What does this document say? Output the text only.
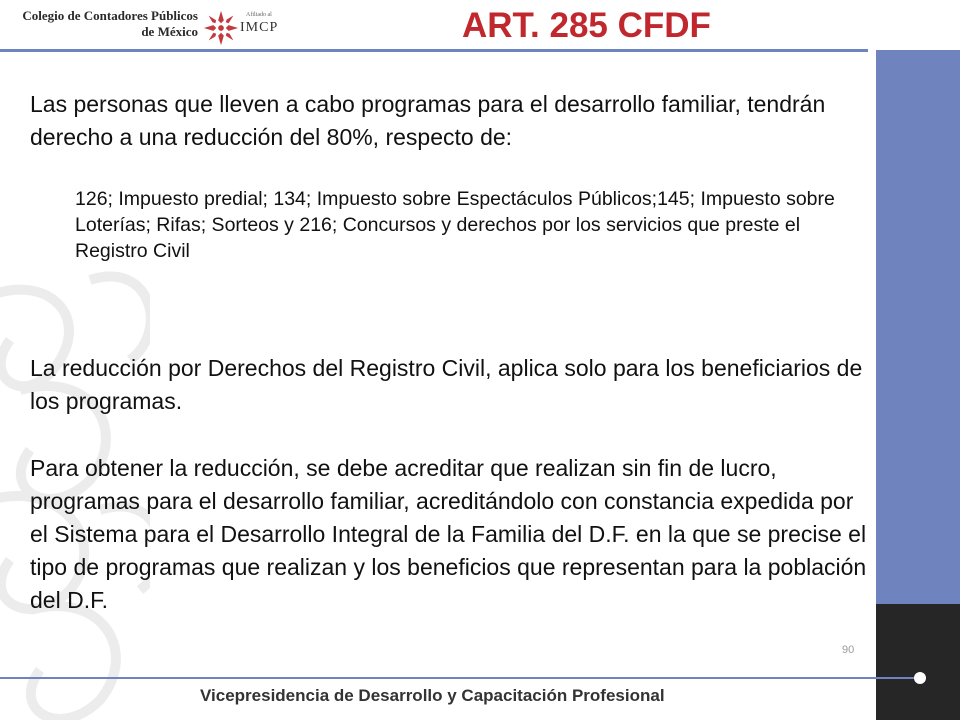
Colegio de Contadores Públicos
de México
Afiliado al
IMCP	ART. 285 CFDF

Las personas que lleven a cabo programas para el desarrollo familiar, tendrán derecho a una reducción del 80%, respecto de:

126; Impuesto predial; 134; Impuesto sobre Espectáculos Públicos;145; Impuesto sobre Loterías; Rifas; Sorteos y 216; Concursos y derechos por los servicios que preste el Registro Civil

La reducción por Derechos del Registro Civil, aplica solo para los beneficiarios de los programas.

Para obtener la reducción, se debe acreditar que realizan sin fin de lucro, programas para el desarrollo familiar, acreditándolo con constancia expedida por el Sistema para el Desarrollo Integral de la Familia del D.F. en la que se precise el tipo de programas que realizan y los beneficios que representan para la población del D.F.

90
Vicepresidencia de Desarrollo y Capacitación Profesional
